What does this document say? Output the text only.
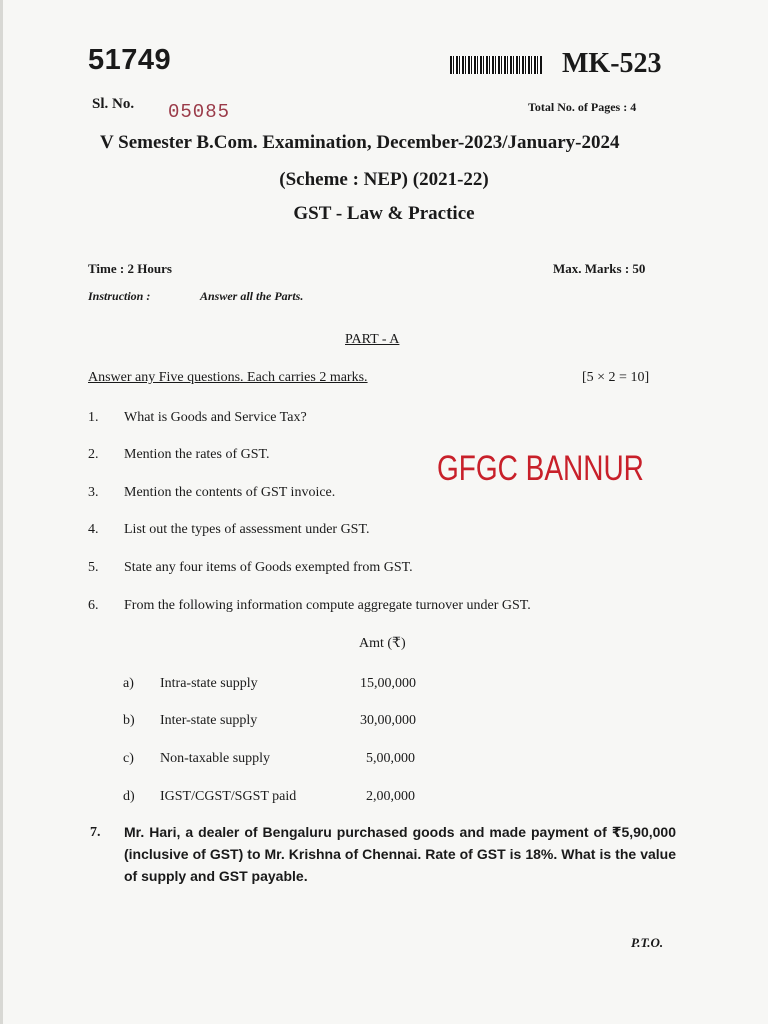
51749	MK-523
Sl. No. 05085	Total No. of Pages : 4
V Semester B.Com. Examination, December-2023/January-2024
(Scheme : NEP) (2021-22)
GST - Law & Practice
Time : 2 Hours	Max. Marks : 50
Instruction :	Answer all the Parts.
PART - A
Answer any Five questions. Each carries 2 marks.	[5 × 2 = 10]
1. What is Goods and Service Tax?
2. Mention the rates of GST.
3. Mention the contents of GST invoice.
4. List out the types of assessment under GST.
5. State any four items of Goods exempted from GST.
6. From the following information compute aggregate turnover under GST.
GFGC BANNUR
Amt (₹)
a) Intra-state supply	15,00,000
b) Inter-state supply	30,00,000
c) Non-taxable supply	5,00,000
d) IGST/CGST/SGST paid	2,00,000
7. Mr. Hari, a dealer of Bengaluru purchased goods and made payment of ₹5,90,000 (inclusive of GST) to Mr. Krishna of Chennai. Rate of GST is 18%. What is the value of supply and GST payable.
P.T.O.
